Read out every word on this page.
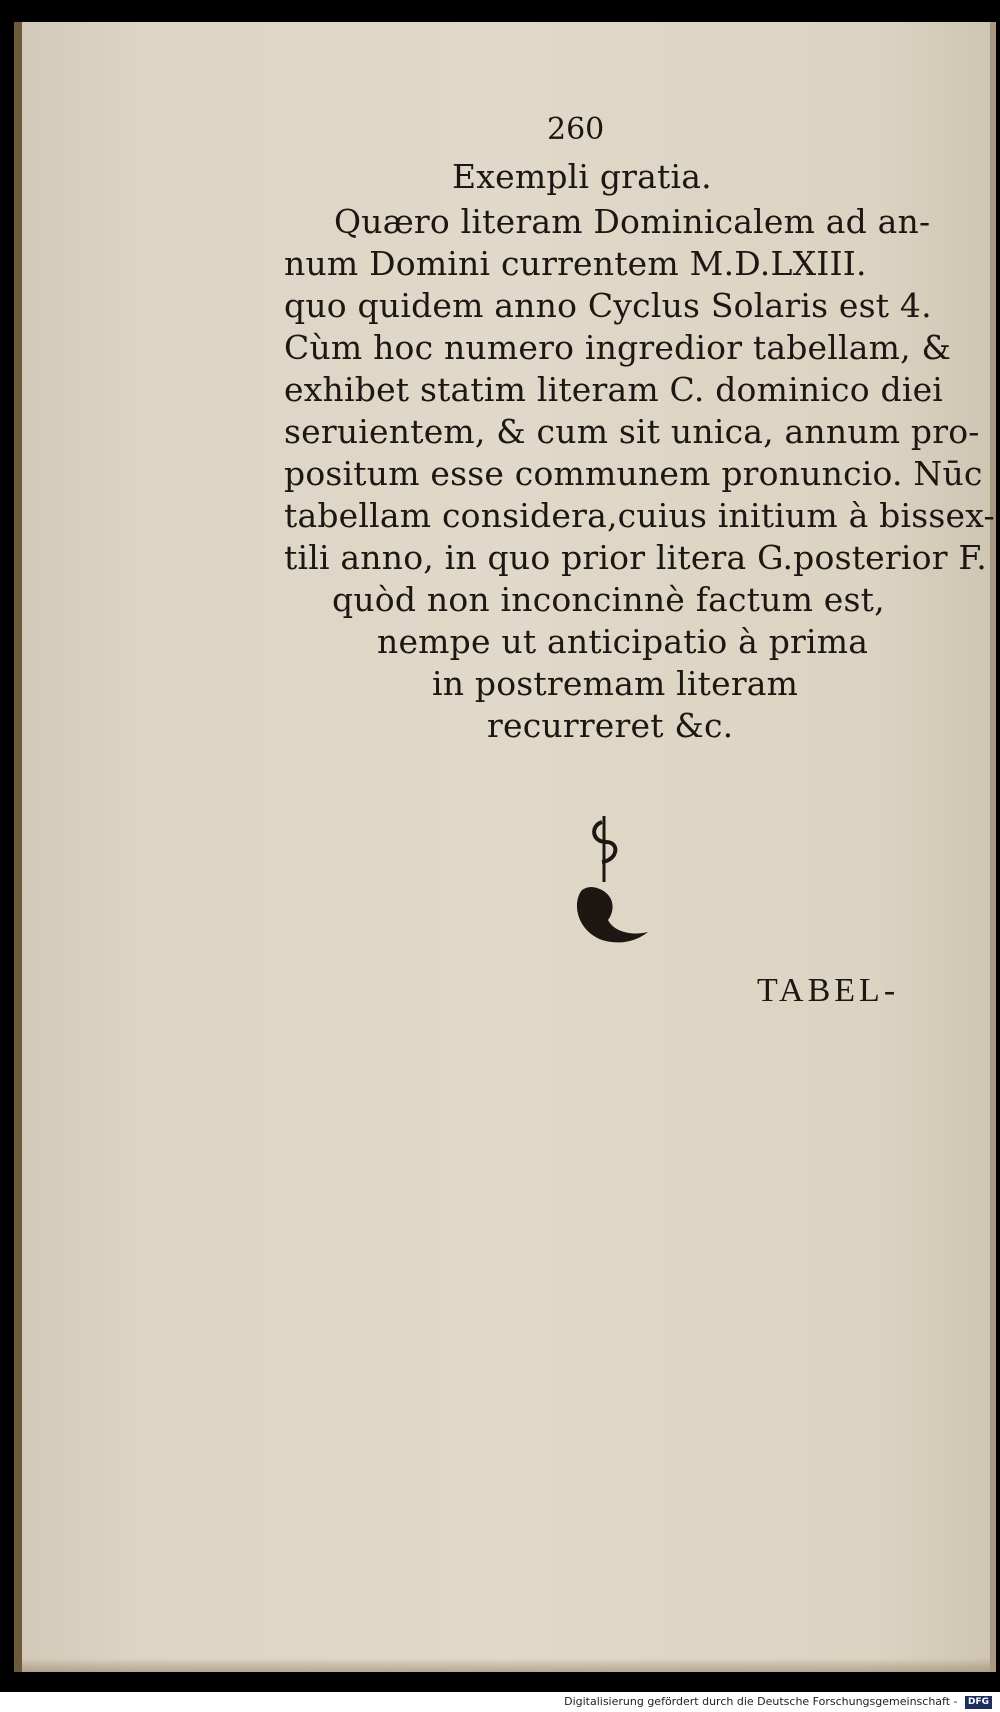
260
Exempli gratia.
Quæro literam Dominicalem ad an-
num Domini currentem M.D.LXIII.
quo quidem anno Cyclus Solaris est 4.
Cùm hoc numero ingredior tabellam, &
exhibet statim literam C. dominico diei
seruientem, & cum sit unica, annum pro-
positum esse communem pronuncio. Nūc
tabellam considera,cuius initium à bissex-
tili anno, in quo prior litera G.posterior F.
quòd non inconcinnè factum est,
nempe ut anticipatio à prima
in postremam literam
recurreret &c.
TABEL-
Digitalisierung gefördert durch die Deutsche Forschungsgemeinschaft - DFG
